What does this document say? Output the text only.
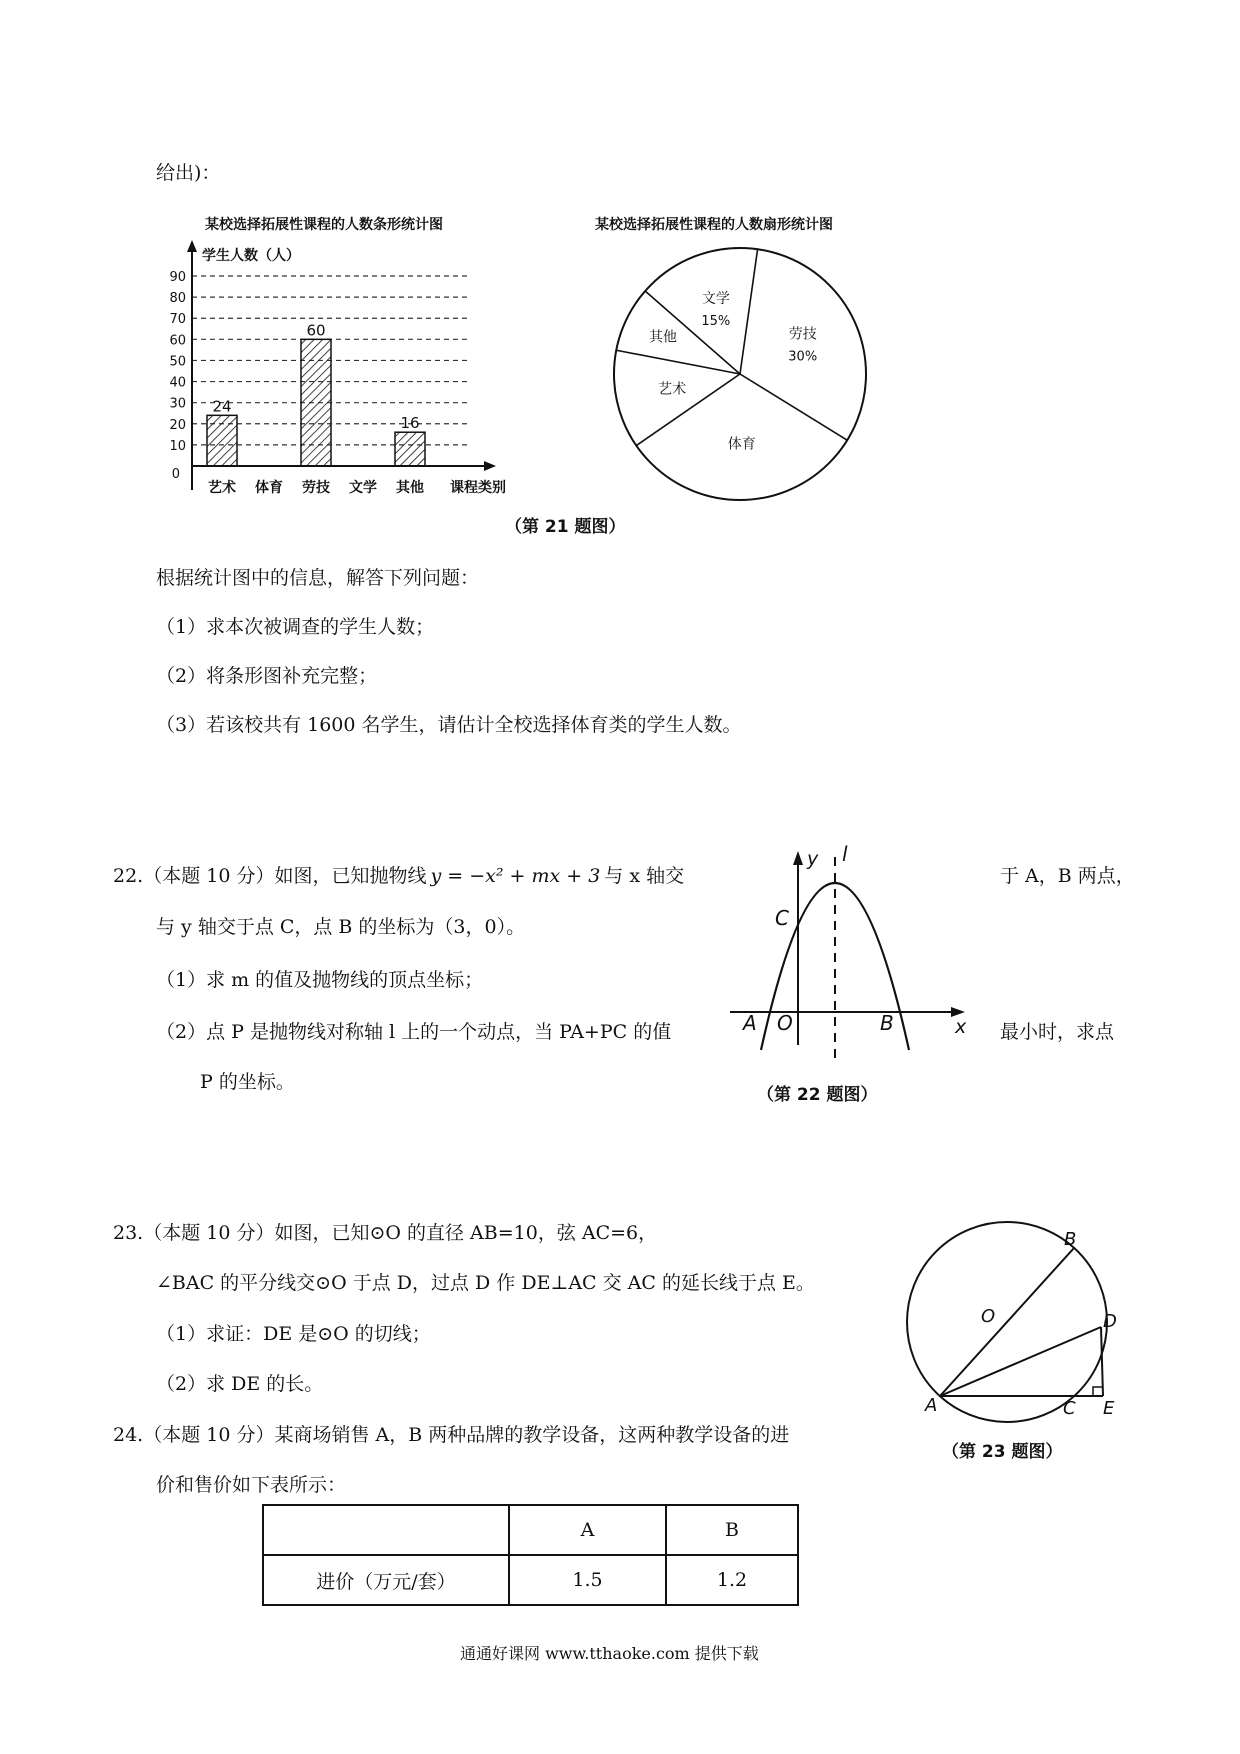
给出)：
某校选择拓展性课程的人数条形统计图
24
60
16
0
10
20
30
40
50
60
70
80
90
艺术 体育 劳技 文学 其他
学生人数（人）
课程类别
某校选择拓展性课程的人数扇形统计图
劳技
30%
体育
艺术
其他
文学
15%
（第 21 题图）
根据统计图中的信息，解答下列问题：
（1）求本次被调查的学生人数；
（2）将条形图补充完整；
（3）若该校共有 1600 名学生，请估计全校选择体育类的学生人数。
22.（本题 10 分）如图，已知抛物线 y = −x² + mx + 3 与 x 轴交	于 A，B 两点，
与 y 轴交于点 C，点 B 的坐标为（3，0）。
（1）求 m 的值及抛物线的顶点坐标；
（2）点 P 是抛物线对称轴 l 上的一个动点，当 PA+PC 的值	最小时，求点
P 的坐标。
y l
C
A O	B	x
（第 22 题图）
23.（本题 10 分）如图，已知⊙O 的直径 AB=10，弦 AC=6，
∠BAC 的平分线交⊙O 于点 D，过点 D 作 DE⊥AC 交 AC 的延长线于点 E。
（1）求证：DE 是⊙O 的切线；
（2）求 DE 的长。
B
O	D
A	C E
（第 23 题图）
24.（本题 10 分）某商场销售 A，B 两种品牌的教学设备，这两种教学设备的进
价和售价如下表所示：
	A	B
进价（万元/套）	1.5	1.2
通通好课网 www.tthaoke.com 提供下载
